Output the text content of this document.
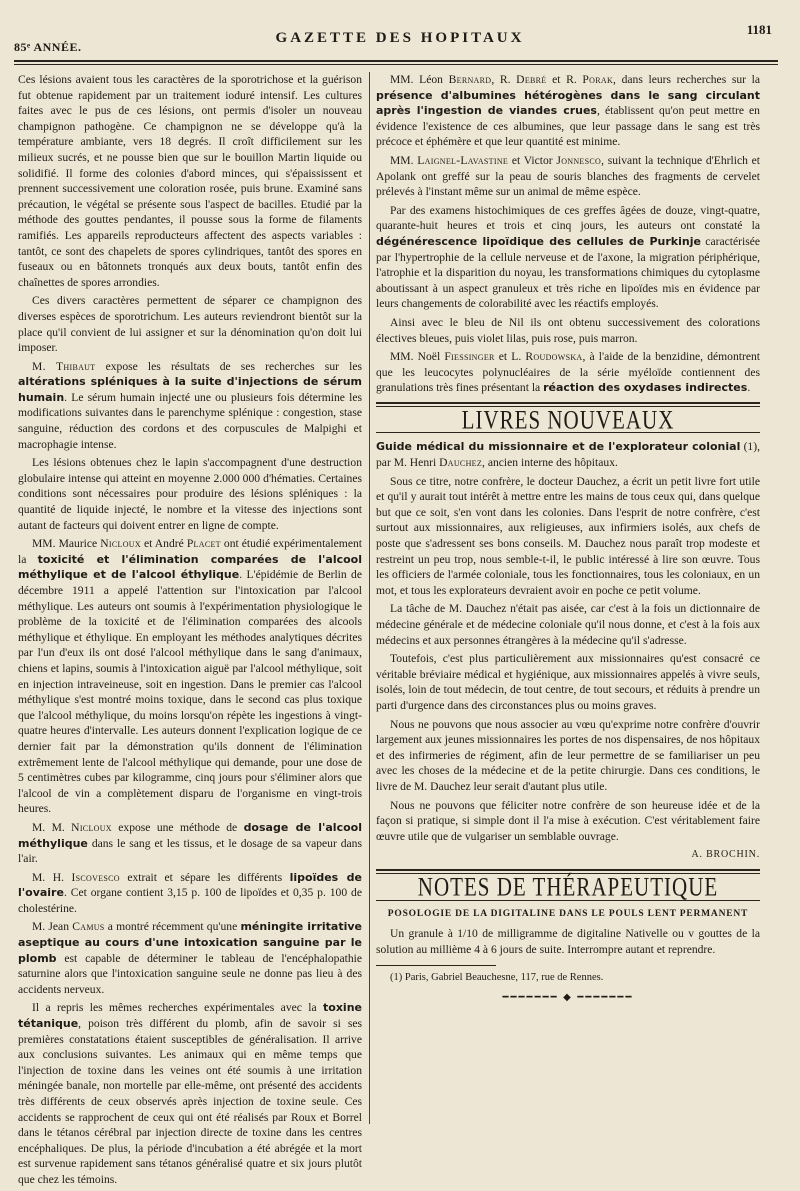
85ᵉ ANNÉE.
GAZETTE DES HOPITAUX
1181

Ces lésions avaient tous les caractères de la sporotrichose et la guérison fut obtenue rapidement par un traitement ioduré intensif. Les cultures faites avec le pus de ces lésions, ont permis d'isoler un nouveau champignon pathogène. Ce champignon ne se développe qu'à la température ambiante, vers 18 degrés. Il croît difficilement sur les milieux sucrés, et ne pousse bien que sur le bouillon Martin liquide ou solidifié. Il forme des colonies d'abord minces, qui s'épaississent et prennent successivement une coloration rosée, puis brune. Examiné sans précaution, le végétal se présente sous l'aspect de bacilles. Etudié par la méthode des gouttes pendantes, il pousse sous la forme de filaments ramifiés. Les appareils reproducteurs affectent des aspects variables : tantôt, ce sont des chapelets de spores cylindriques, tantôt des spores en fuseaux ou en bâtonnets tronqués aux deux bouts, tantôt enfin des chaînettes de spores arrondies.

Ces divers caractères permettent de séparer ce champignon des diverses espèces de sporotrichum. Les auteurs reviendront bientôt sur la place qu'il convient de lui assigner et sur la dénomination qu'on doit lui imposer.

M. Thibaut expose les résultats de ses recherches sur les altérations spléniques à la suite d'injections de sérum humain. Le sérum humain injecté une ou plusieurs fois détermine les modifications suivantes dans le parenchyme splénique : congestion, stase sanguine, réduction des cordons et des corpuscules de Malpighi et macrophagie intense.

Les lésions obtenues chez le lapin s'accompagnent d'une destruction globulaire intense qui atteint en moyenne 2.000 000 d'hématies. Certaines conditions sont nécessaires pour produire des lésions spléniques : la quantité de liquide injecté, le nombre et la vitesse des injections sont autant de facteurs qui doivent entrer en ligne de compte.

MM. Maurice Nicloux et André Placet ont étudié expérimentalement la toxicité et l'élimination comparées de l'alcool méthylique et de l'alcool éthylique. L'épidémie de Berlin de décembre 1911 a appelé l'attention sur l'intoxication par l'alcool méthylique. Les auteurs ont soumis à l'expérimentation physiologique le problème de la toxicité et de l'élimination comparées des alcools méthylique et éthylique. En employant les méthodes analytiques décrites par l'un d'eux ils ont dosé l'alcool méthylique dans le sang d'animaux, chiens et lapins, soumis à l'intoxication aiguë par l'alcool méthylique, soit en injection intraveineuse, soit en ingestion. Dans le premier cas l'alcool méthylique s'est montré moins toxique, dans le second cas plus toxique que l'alcool méthylique, du moins lorsqu'on répète les ingestions à vingt-quatre heures d'intervalle. Les auteurs donnent l'explication logique de ce dernier fait par la démonstration qu'ils donnent de l'élimination extrêmement lente de l'alcool méthylique qui demande, pour une dose de 5 centimètres cubes par kilogramme, cinq jours pour s'éliminer alors que l'alcool de vin a complètement disparu de l'organisme en vingt-trois heures.

M. M. Nicloux expose une méthode de dosage de l'alcool méthylique dans le sang et les tissus, et le dosage de sa vapeur dans l'air.

M. H. Iscovesco extrait et sépare les différents lipoïdes de l'ovaire. Cet organe contient 3,15 p. 100 de lipoïdes et 0,35 p. 100 de cholestérine.

M. Jean Camus a montré récemment qu'une méningite irritative aseptique au cours d'une intoxication sanguine par le plomb est capable de déterminer le tableau de l'encéphalopathie saturnine alors que l'intoxication sanguine seule ne donne pas lieu à des accidents nerveux.

Il a repris les mêmes recherches expérimentales avec la toxine tétanique, poison très différent du plomb, afin de savoir si ses premières constatations étaient susceptibles de généralisation. Il arrive aux conclusions suivantes. Les animaux qui en même temps que l'injection de toxine dans les veines ont été soumis à une irritation méningée banale, non mortelle par elle-même, ont présenté des accidents très différents de ceux observés après injection de toxine seule. Ces accidents se rapprochent de ceux qui ont été réalisés par Roux et Borrel dans le tétanos cérébral par injection directe de toxine dans les centres encéphaliques. De plus, la période d'incubation a été abrégée et la mort est survenue rapidement sans tétanos généralisé quatre et six jours plutôt que chez les témoins.

MM. Léon Bernard, R. Debré et R. Porak, dans leurs recherches sur la présence d'albumines hétérogènes dans le sang circulant après l'ingestion de viandes crues, établissent qu'on peut mettre en évidence l'existence de ces albumines, que leur passage dans le sang est très précoce et éphémère et que leur quantité est minime.

MM. Laignel-Lavastine et Victor Jonnesco, suivant la technique d'Ehrlich et Apolank ont greffé sur la peau de souris blanches des fragments de cervelet prélevés à l'instant même sur un animal de même espèce.

Par des examens histochimiques de ces greffes âgées de douze, vingt-quatre, quarante-huit heures et trois et cinq jours, les auteurs ont constaté la dégénérescence lipoïdique des cellules de Purkinje caractérisée par l'hypertrophie de la cellule nerveuse et de l'axone, la migration périphérique, l'atrophie et la disparition du noyau, les transformations chimiques du cytoplasme aboutissant à un aspect granuleux et très riche en lipoïdes mis en évidence par leurs changements de colorabilité avec les réactifs employés.

Ainsi avec le bleu de Nil ils ont obtenu successivement des colorations électives bleues, puis violet lilas, puis rose, puis marron.

MM. Noël Fiessinger et L. Roudowska, à l'aide de la benzidine, démontrent que les leucocytes polynucléaires de la série myéloïde contiennent des granulations très fines présentant la réaction des oxydases indirectes.

LIVRES NOUVEAUX

Guide médical du missionnaire et de l'explorateur colonial (1), par M. Henri Dauchez, ancien interne des hôpitaux.

Sous ce titre, notre confrère, le docteur Dauchez, a écrit un petit livre fort utile et qu'il y aurait tout intérêt à mettre entre les mains de tous ceux qui, dans quelque but que ce soit, s'en vont dans les colonies. Dans l'esprit de notre confrère, c'est surtout aux missionnaires, aux religieuses, aux infirmiers isolés, aux chefs de poste que s'adressent ses bons conseils. M. Dauchez nous paraît trop modeste et restreint un peu trop, nous semble-t-il, le public intéressé à lire son œuvre. Tous les officiers de l'armée coloniale, tous les fonctionnaires, tous les coloniaux, en un mot, et tous les explorateurs devraient avoir en poche ce petit volume.

La tâche de M. Dauchez n'était pas aisée, car c'est à la fois un dictionnaire de médecine générale et de médecine coloniale qu'il nous donne, et c'est à la fois aux médecins et aux personnes étrangères à la médecine qu'il s'adresse.

Toutefois, c'est plus particulièrement aux missionnaires qu'est consacré ce véritable bréviaire médical et hygiénique, aux missionnaires appelés à vivre seuls, isolés, loin de tout médecin, de tout centre, de tout secours, et réduits à prendre un parti d'urgence dans des circonstances plus ou moins graves.

Nous ne pouvons que nous associer au vœu qu'exprime notre confrère d'ouvrir largement aux jeunes missionnaires les portes de nos dispensaires, de nos hôpitaux et des infirmeries de régiment, afin de leur permettre de se familiariser un peu avec les choses de la médecine et de la petite chirurgie. Dans ces conditions, le livre de M. Dauchez leur serait d'autant plus utile.

Nous ne pouvons que féliciter notre confrère de son heureuse idée et de la façon si pratique, si simple dont il l'a mise à exécution. C'est véritablement faire œuvre utile que de vulgariser un semblable ouvrage.

A. BROCHIN.
NOTES DE THÉRAPEUTIQUE
POSOLOGIE DE LA DIGITALINE DANS LE POULS LENT PERMANENT

Un granule à 1/10 de milligramme de digitaline Nativelle ou v gouttes de la solution au millième 4 à 6 jours de suite. Interrompre autant et reprendre.

(1) Paris, Gabriel Beauchesne, 117, rue de Rennes.

━━━━━━━ ◆ ━━━━━━━
